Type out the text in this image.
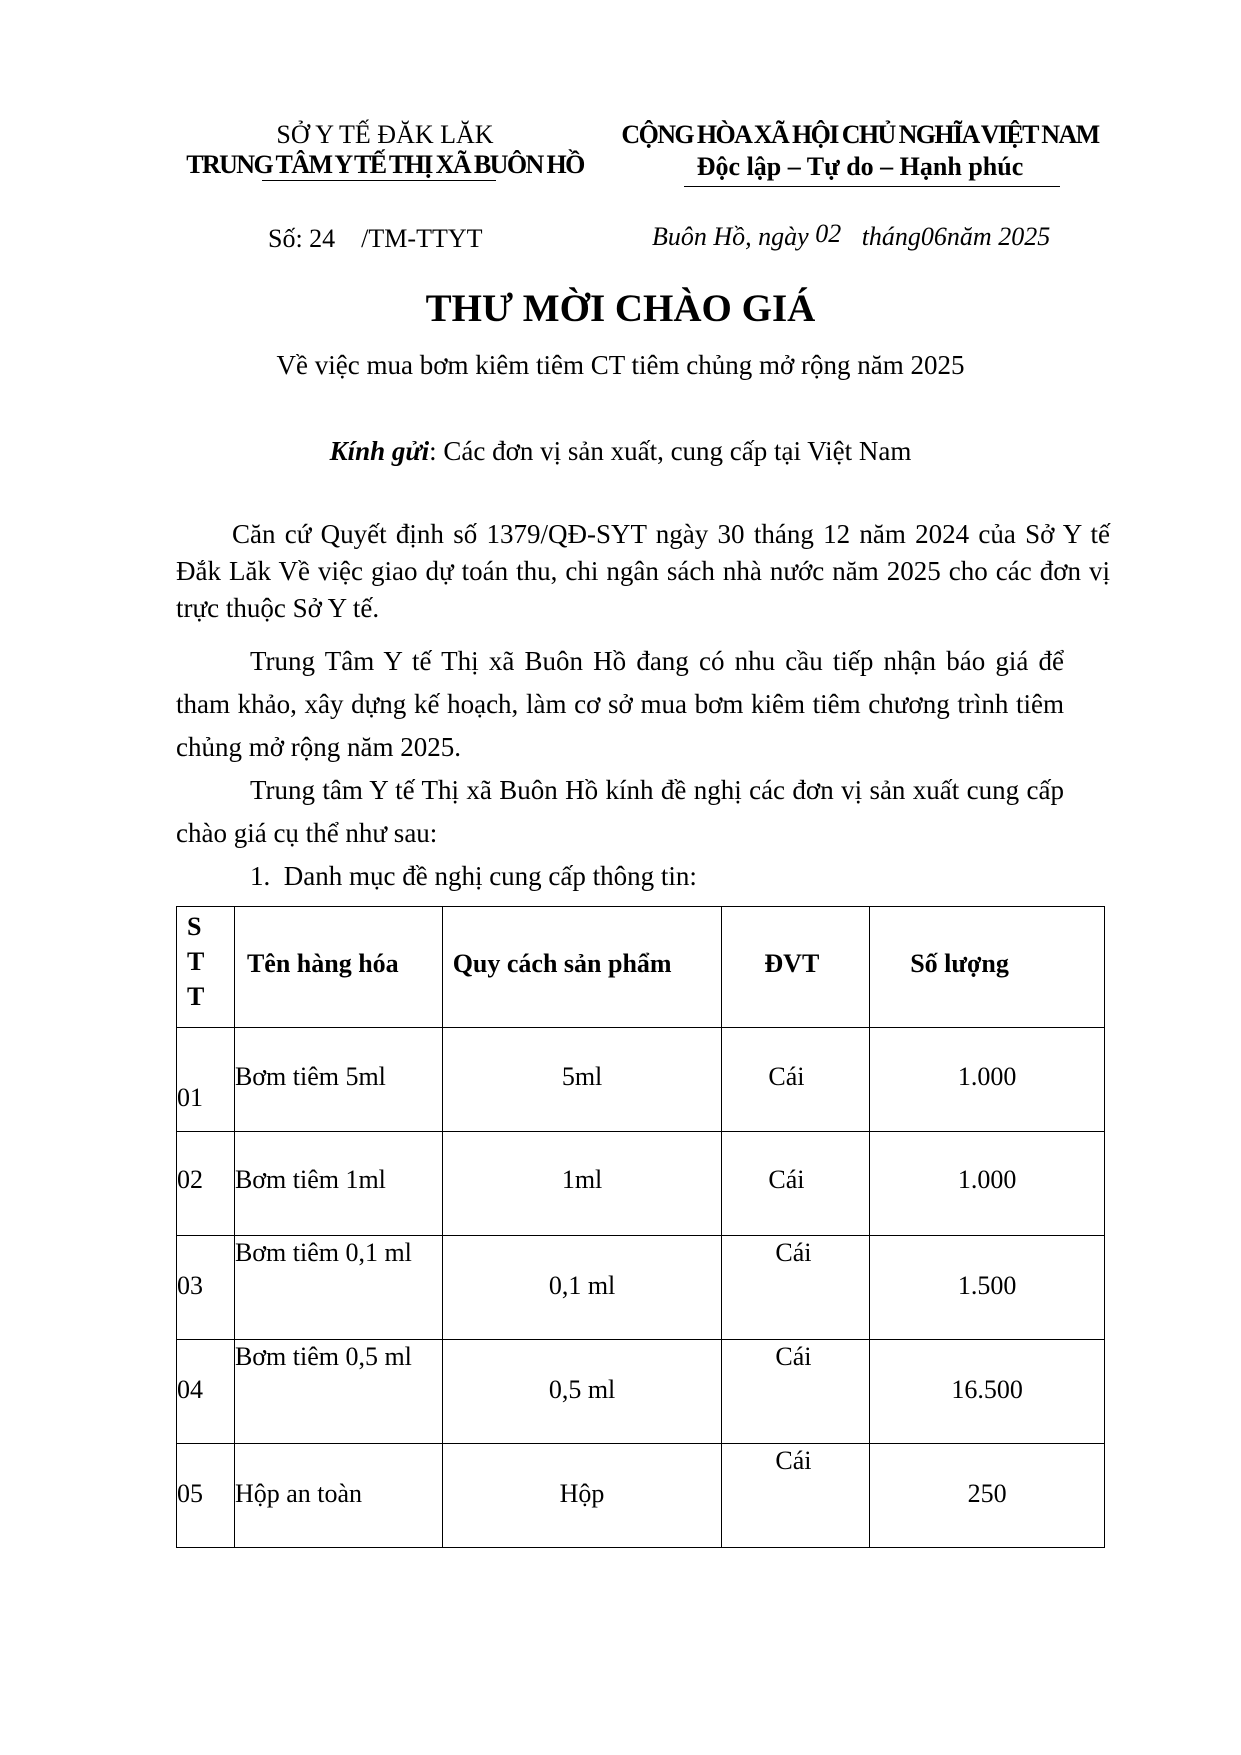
SỞ Y TẾ ĐĂK LĂK
TRUNG TÂM Y TẾ THỊ XÃ BUÔN HỒ
CỘNG HÒA XÃ HỘI CHỦ NGHĨA VIỆT NAM
Độc lập – Tự do – Hạnh phúc
Số: 24    /TM-TTYT	Buôn Hồ, ngày 02 tháng06năm 2025
THƯ MỜI CHÀO GIÁ
Về việc mua bơm kiêm tiêm CT tiêm chủng mở rộng năm 2025
Kính gửi: Các đơn vị sản xuất, cung cấp tại Việt Nam
Căn cứ Quyết định số 1379/QĐ-SYT ngày 30 tháng 12 năm 2024 của Sở Y tế Đắk Lăk Về việc giao dự toán thu, chi ngân sách nhà nước năm 2025 cho các đơn vị trực thuộc Sở Y tế.
Trung Tâm Y tế Thị xã Buôn Hồ đang có nhu cầu tiếp nhận báo giá để tham khảo, xây dựng kế hoạch, làm cơ sở mua bơm kiêm tiêm chương trình tiêm chủng mở rộng năm 2025.
Trung tâm Y tế Thị xã Buôn Hồ kính đề nghị các đơn vị sản xuất cung cấp chào giá cụ thể như sau:
1.  Danh mục đề nghị cung cấp thông tin:
S
T
T	Tên hàng hóa	Quy cách sản phẩm	ĐVT	Số lượng

01	Bơm tiêm 5ml	5ml	Cái	1.000

02	Bơm tiêm 1ml	1ml	Cái	1.000

03	Bơm tiêm 0,1 ml	0,1 ml	Cái	1.500

04	Bơm tiêm 0,5 ml	0,5 ml	Cái	16.500

05	Hộp an toàn	Hộp	Cái	250
